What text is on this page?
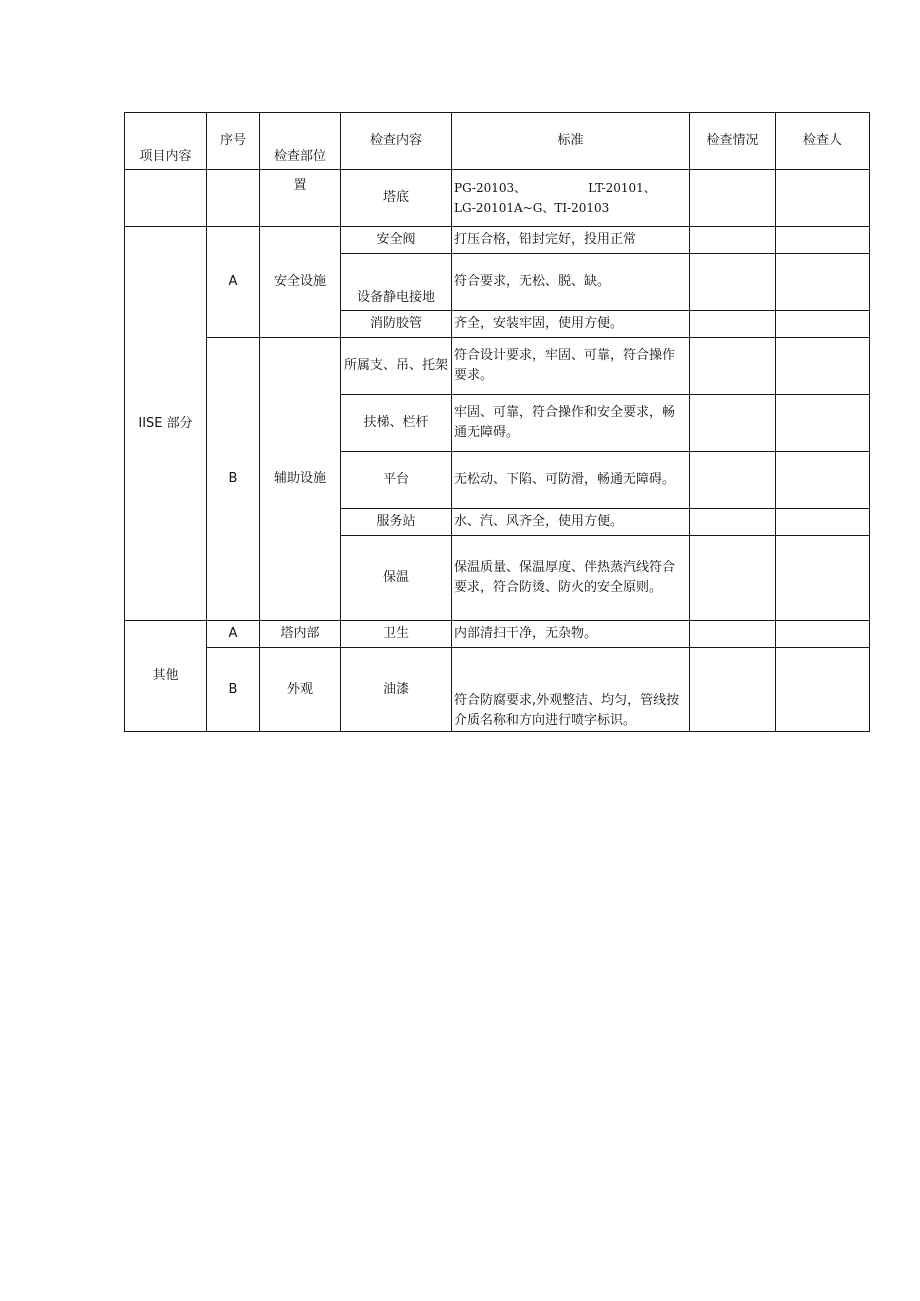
项目内容	序号	检查部位	检查内容	标准	检查情况	检查人
		置	塔底	PG-20103、 LT-20101、
LG-20101A~G、TI-20103		

IISE 部分	A	安全设施	安全阀	打压合格，铅封完好，投用正常		
			设备静电接地	符合要求，无松、脱、缺。		
			消防胶管	齐全，安装牢固，使用方便。		
	B	辅助设施	所属支、吊、托架	符合设计要求，牢固、可靠，符合操作要求。		
			扶梯、栏杆	牢固、可靠，符合操作和安全要求，畅通无障碍。		
			平台	无松动、下陷、可防滑，畅通无障碍。		
			服务站	水、汽、风齐全，使用方便。		
			保温	保温质量、保温厚度、伴热蒸汽线符合要求，符合防烫、防火的安全原则。		
其他	A	塔内部	卫生	内部清扫干净，无杂物。		
	B	外观	油漆	符合防腐要求,外观整洁、均匀，管线按介质名称和方向进行喷字标识。		
